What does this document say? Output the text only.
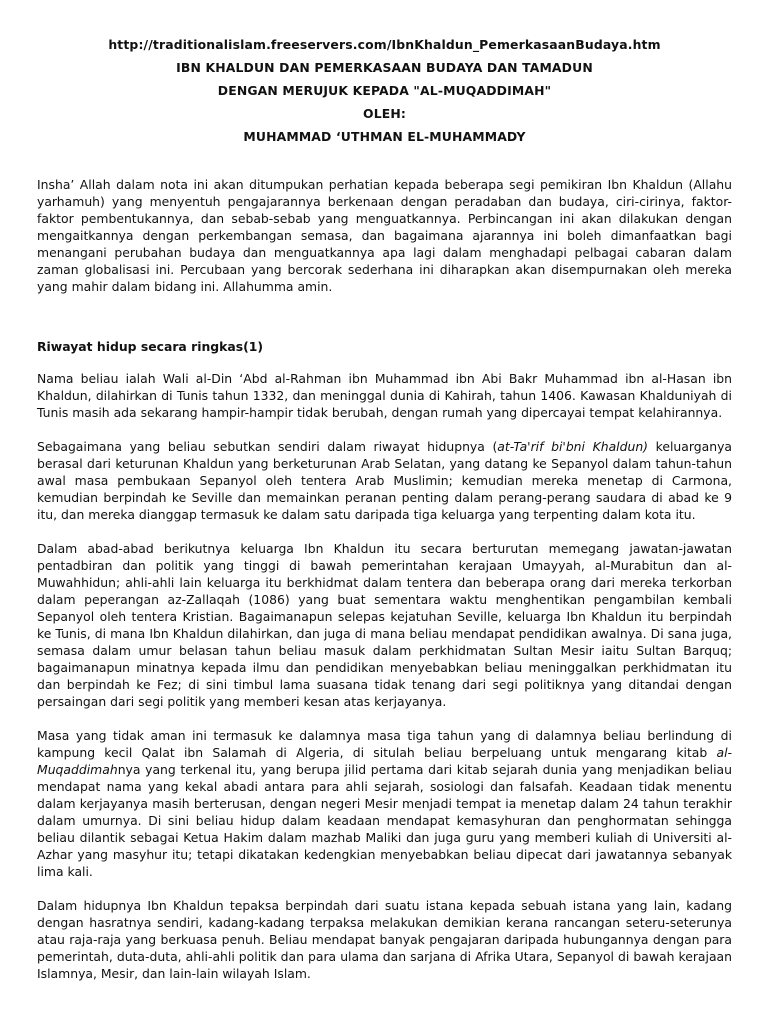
http://traditionalislam.freeservers.com/IbnKhaldun_PemerkasaanBudaya.htm
IBN KHALDUN DAN PEMERKASAAN BUDAYA DAN TAMADUN
DENGAN MERUJUK KEPADA "AL-MUQADDIMAH"
OLEH:
MUHAMMAD ‘UTHMAN EL-MUHAMMADY

Insha’ Allah dalam nota ini akan ditumpukan perhatian kepada beberapa segi pemikiran Ibn Khaldun (Allahu yarhamuh) yang menyentuh pengajarannya berkenaan dengan peradaban dan budaya, ciri-cirinya, faktor-faktor pembentukannya, dan sebab-sebab yang menguatkannya. Perbincangan ini akan dilakukan dengan mengaitkannya dengan perkembangan semasa, dan bagaimana ajarannya ini boleh dimanfaatkan bagi menangani perubahan budaya dan menguatkannya apa lagi dalam menghadapi pelbagai cabaran dalam zaman globalisasi ini. Percubaan yang bercorak sederhana ini diharapkan akan disempurnakan oleh mereka yang mahir dalam bidang ini. Allahumma amin.

Riwayat hidup secara ringkas(1)

Nama beliau ialah Wali al-Din ‘Abd al-Rahman ibn Muhammad ibn Abi Bakr Muhammad ibn al-Hasan ibn Khaldun, dilahirkan di Tunis tahun 1332, dan meninggal dunia di Kahirah, tahun 1406. Kawasan Khalduniyah di Tunis masih ada sekarang hampir-hampir tidak berubah, dengan rumah yang dipercayai tempat kelahirannya.

Sebagaimana yang beliau sebutkan sendiri dalam riwayat hidupnya (at-Ta'rif bi'bni Khaldun) keluarganya berasal dari keturunan Khaldun yang berketurunan Arab Selatan, yang datang ke Sepanyol dalam tahun-tahun awal masa pembukaan Sepanyol oleh tentera Arab Muslimin; kemudian mereka menetap di Carmona, kemudian berpindah ke Seville dan memainkan peranan penting dalam perang-perang saudara di abad ke 9 itu, dan mereka dianggap termasuk ke dalam satu daripada tiga keluarga yang terpenting dalam kota itu.

Dalam abad-abad berikutnya keluarga Ibn Khaldun itu secara berturutan memegang jawatan-jawatan pentadbiran dan politik yang tinggi di bawah pemerintahan kerajaan Umayyah, al-Murabitun dan al-Muwahhidun; ahli-ahli lain keluarga itu berkhidmat dalam tentera dan beberapa orang dari mereka terkorban dalam peperangan az-Zallaqah (1086) yang buat sementara waktu menghentikan pengambilan kembali Sepanyol oleh tentera Kristian. Bagaimanapun selepas kejatuhan Seville, keluarga Ibn Khaldun itu berpindah ke Tunis, di mana Ibn Khaldun dilahirkan, dan juga di mana beliau mendapat pendidikan awalnya. Di sana juga, semasa dalam umur belasan tahun beliau masuk dalam perkhidmatan Sultan Mesir iaitu Sultan Barquq; bagaimanapun minatnya kepada ilmu dan pendidikan menyebabkan beliau meninggalkan perkhidmatan itu dan berpindah ke Fez; di sini timbul lama suasana tidak tenang dari segi politiknya yang ditandai dengan persaingan dari segi politik yang memberi kesan atas kerjayanya.

Masa yang tidak aman ini termasuk ke dalamnya masa tiga tahun yang di dalamnya beliau berlindung di kampung kecil Qalat ibn Salamah di Algeria, di situlah beliau berpeluang untuk mengarang kitab al-Muqaddimahnya yang terkenal itu, yang berupa jilid pertama dari kitab sejarah dunia yang menjadikan beliau mendapat nama yang kekal abadi antara para ahli sejarah, sosiologi dan falsafah. Keadaan tidak menentu dalam kerjayanya masih berterusan, dengan negeri Mesir menjadi tempat ia menetap dalam 24 tahun terakhir dalam umurnya. Di sini beliau hidup dalam keadaan mendapat kemasyhuran dan penghormatan sehingga beliau dilantik sebagai Ketua Hakim dalam mazhab Maliki dan juga guru yang memberi kuliah di Universiti al-Azhar yang masyhur itu; tetapi dikatakan kedengkian menyebabkan beliau dipecat dari jawatannya sebanyak lima kali.

Dalam hidupnya Ibn Khaldun tepaksa berpindah dari suatu istana kepada sebuah istana yang lain, kadang dengan hasratnya sendiri, kadang-kadang terpaksa melakukan demikian kerana rancangan seteru-seterunya atau raja-raja yang berkuasa penuh. Beliau mendapat banyak pengajaran daripada hubungannya dengan para pemerintah, duta-duta, ahli-ahli politik dan para ulama dan sarjana di Afrika Utara, Sepanyol di bawah kerajaan Islamnya, Mesir, dan lain-lain wilayah Islam.
